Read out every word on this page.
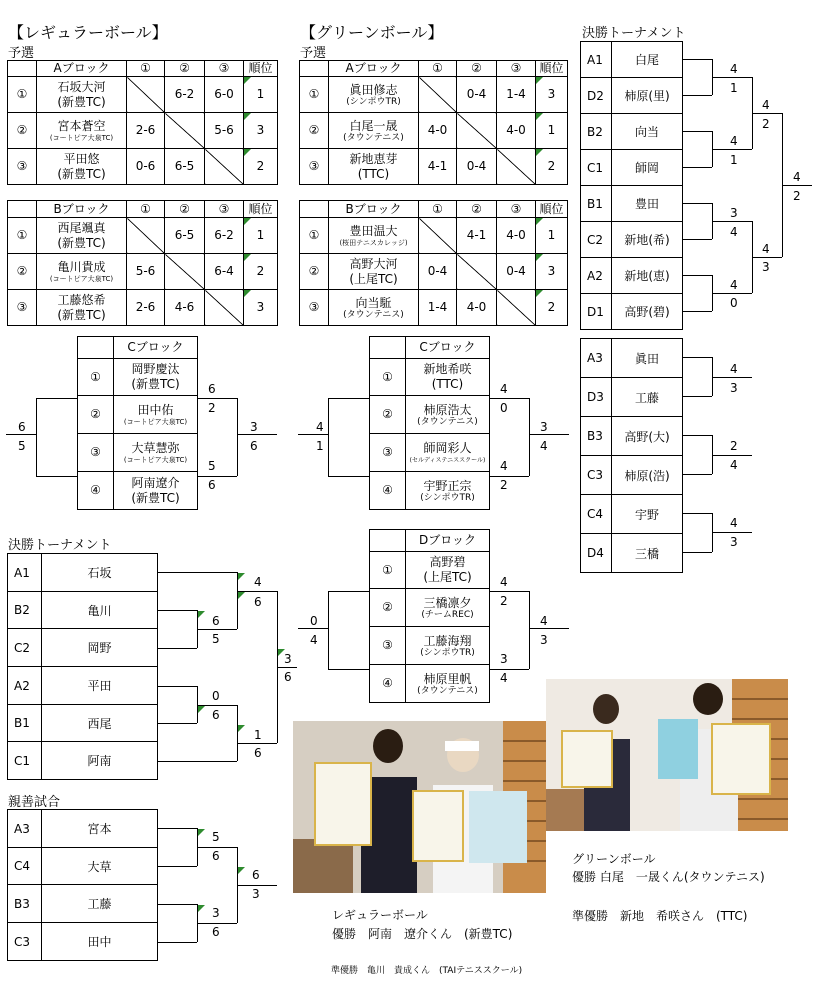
【レギュラーボール】
予選
	Aブロック	①	②	③	順位
①	石坂大河
(新豊TC)		6-2	6-0	1
②	宮本蒼空
(コートピア大泉TC)	2-6		5-6	3
③	平田悠
(新豊TC)	0-6	6-5		2
	Bブロック	①	②	③	順位
①	西尾颯真
(新豊TC)		6-5	6-2	1
②	亀川貴成
(コートピア大泉TC)	5-6		6-4	2
③	工藤悠希
(新豊TC)	2-6	4-6		3
	Cブロック
①	岡野慶汰
(新豊TC)
②	田中佑
(コートピア大泉TC)

③	大草慧弥
(コートピア大泉TC)

④	阿南遼介
(新豊TC)
6
2
5
6
6
5
3
6
決勝トーナメント
A1	石坂
B2	亀川
C2	岡野
A2	平田
B1	西尾
C1	阿南
4
6
6
5
0
6
1
6
3
6
親善試合
A3	宮本
C4	大草
B3	工藤
C3	田中
5
6
3
6
6
3
【グリーンボール】
予選
	Aブロック	①	②	③	順位
①	眞田修志
(シンポウTR)		0-4	1-4	3
②	白尾一晟
(タウンテニス)	4-0		4-0	1
③	新地恵芽
(TTC)	4-1	0-4		2
	Bブロック	①	②	③	順位
①	豊田温大
(桜田テニスカレッジ)		4-1	4-0	1
②	高野大河
(上尾TC)	0-4		0-4	3
③	向当駈
(タウンテニス)	1-4	4-0		2
	Cブロック
①	新地希咲
(TTC)
②	柿原浩太
(タウンテニス)

③	師岡彩人
(セルディステニススクール)

④	宇野正宗
(シンポウTR)
4
0
4
2
4
1
3
4
	Dブロック
①	高野碧
(上尾TC)
②	三橋凛夕
(チームREC)

③	工藤海翔
(シンポウTR)

④	柿原里帆
(タウンテニス)
4
2
3
4
0
4
4
3
決勝トーナメント
A1	白尾
D2	柿原(里)
B2	向当
C1	師岡
B1	豊田
C2	新地(希)
A2	新地(恵)
D1	高野(碧)
4
1
4
1
3
4
4
0
4
2
4
3
4
2
A3	眞田
D3	工藤
B3	高野(大)
C3	柿原(浩)
C4	宇野
D4	三橋
4
3
2
4
4
3
グリーンボール
優勝 白尾　一晟くん(タウンテニス)
準優勝　新地　希咲さん　(TTC)
レギュラーボール
優勝　阿南　遼介くん　(新豊TC)
準優勝　亀川　貴成くん　(TAIテニススクール)
